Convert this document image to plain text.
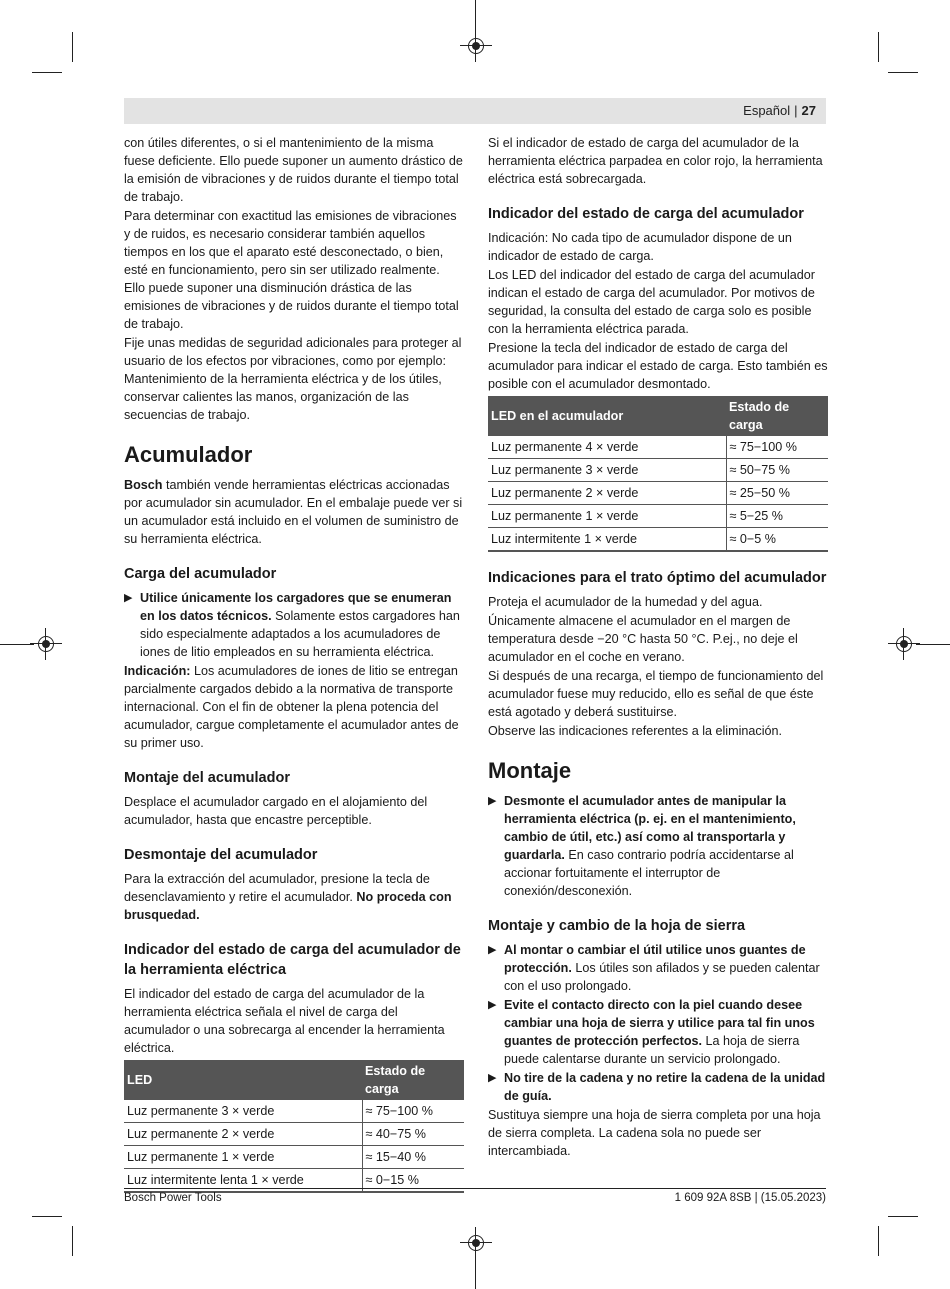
Español | 27

con útiles diferentes, o si el mantenimiento de la misma fuese deficiente. Ello puede suponer un aumento drástico de la emisión de vibraciones y de ruidos durante el tiempo total de trabajo.

Para determinar con exactitud las emisiones de vibraciones y de ruidos, es necesario considerar también aquellos tiempos en los que el aparato esté desconectado, o bien, esté en funcionamiento, pero sin ser utilizado realmente. Ello puede suponer una disminución drástica de las emisiones de vibraciones y de ruidos durante el tiempo total de trabajo.

Fije unas medidas de seguridad adicionales para proteger al usuario de los efectos por vibraciones, como por ejemplo: Mantenimiento de la herramienta eléctrica y de los útiles, conservar calientes las manos, organización de las secuencias de trabajo.

Acumulador

Bosch también vende herramientas eléctricas accionadas por acumulador sin acumulador. En el embalaje puede ver si un acumulador está incluido en el volumen de suministro de su herramienta eléctrica.

Carga del acumulador
▶ Utilice únicamente los cargadores que se enumeran en los datos técnicos. Solamente estos cargadores han sido especialmente adaptados a los acumuladores de iones de litio empleados en su herramienta eléctrica.

Indicación: Los acumuladores de iones de litio se entregan parcialmente cargados debido a la normativa de transporte internacional. Con el fin de obtener la plena potencia del acumulador, cargue completamente el acumulador antes de su primer uso.

Montaje del acumulador

Desplace el acumulador cargado en el alojamiento del acumulador, hasta que encastre perceptible.

Desmontaje del acumulador

Para la extracción del acumulador, presione la tecla de desenclavamiento y retire el acumulador. No proceda con brusquedad.

Indicador del estado de carga del acumulador de la herramienta eléctrica

El indicador del estado de carga del acumulador de la herramienta eléctrica señala el nivel de carga del acumulador o una sobrecarga al encender la herramienta eléctrica.

LED	Estado de carga
Luz permanente 3 × verde	≈ 75−100 %
Luz permanente 2 × verde	≈ 40−75 %
Luz permanente 1 × verde	≈ 15−40 %
Luz intermitente lenta 1 × verde	≈ 0−15 %

Si el indicador de estado de carga del acumulador de la herramienta eléctrica parpadea en color rojo, la herramienta eléctrica está sobrecargada.

Indicador del estado de carga del acumulador

Indicación: No cada tipo de acumulador dispone de un indicador de estado de carga.

Los LED del indicador del estado de carga del acumulador indican el estado de carga del acumulador. Por motivos de seguridad, la consulta del estado de carga solo es posible con la herramienta eléctrica parada.

Presione la tecla del indicador de estado de carga del acumulador para indicar el estado de carga. Esto también es posible con el acumulador desmontado.

LED en el acumulador	Estado de carga
Luz permanente 4 × verde	≈ 75−100 %
Luz permanente 3 × verde	≈ 50−75 %
Luz permanente 2 × verde	≈ 25−50 %
Luz permanente 1 × verde	≈ 5−25 %
Luz intermitente 1 × verde	≈ 0−5 %
Indicaciones para el trato óptimo del acumulador

Proteja el acumulador de la humedad y del agua.

Únicamente almacene el acumulador en el margen de temperatura desde −20 °C hasta 50 °C. P.ej., no deje el acumulador en el coche en verano.

Si después de una recarga, el tiempo de funcionamiento del acumulador fuese muy reducido, ello es señal de que éste está agotado y deberá sustituirse.

Observe las indicaciones referentes a la eliminación.

Montaje
▶ Desmonte el acumulador antes de manipular la herramienta eléctrica (p. ej. en el mantenimiento, cambio de útil, etc.) así como al transportarla y guardarla. En caso contrario podría accidentarse al accionar fortuitamente el interruptor de conexión/desconexión.
Montaje y cambio de la hoja de sierra
▶ Al montar o cambiar el útil utilice unos guantes de protección. Los útiles son afilados y se pueden calentar con el uso prolongado.
▶ Evite el contacto directo con la piel cuando desee cambiar una hoja de sierra y utilice para tal fin unos guantes de protección perfectos. La hoja de sierra puede calentarse durante un servicio prolongado.
▶ No tire de la cadena y no retire la cadena de la unidad de guía.

Sustituya siempre una hoja de sierra completa por una hoja de sierra completa. La cadena sola no puede ser intercambiada.

Bosch Power Tools	1 609 92A 8SB | (15.05.2023)
